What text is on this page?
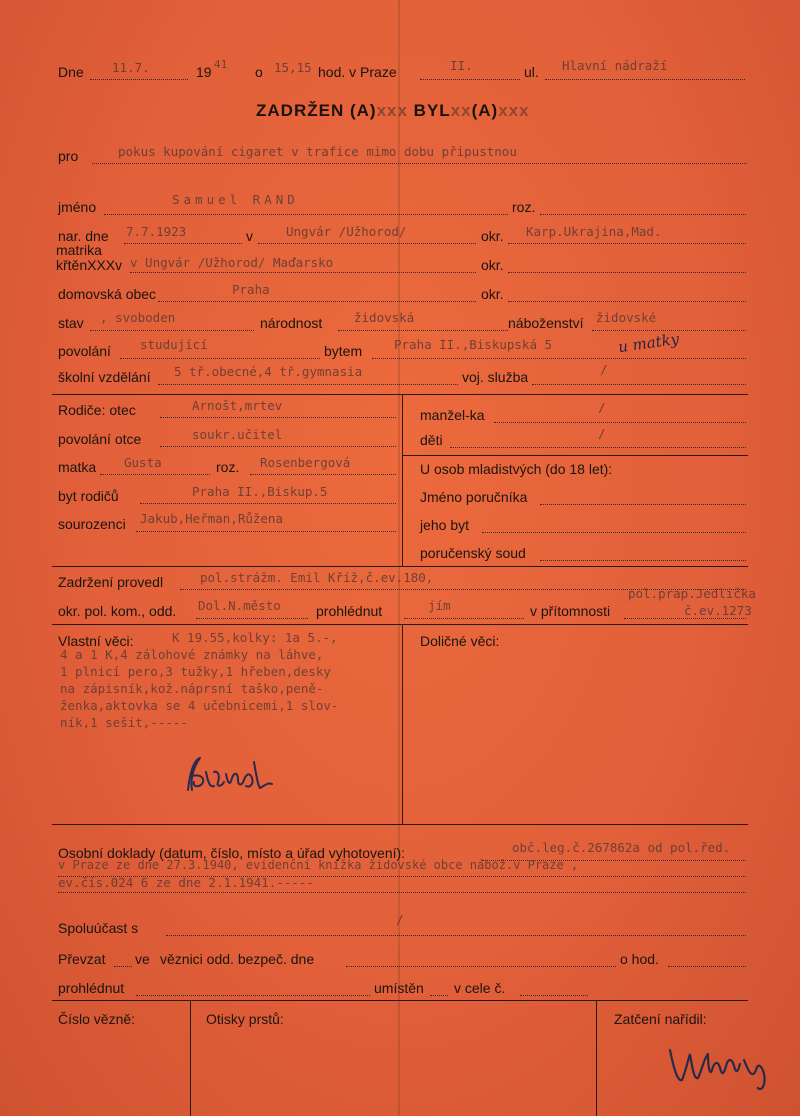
Dne 11.7.	19 41 o 15,15 hod. v Praze	II.	ul. Hlavní nádraží
ZADRŽEN (A)xxx BYLxx(A)xxx
pro	pokus kupování cigaret v trafice mimo dobu připustnou
jméno	Samuel RAND	roz.
nar. dne 7.7.1923	v	Ungvár /Užhorod/	okr. Karp.Ukrajina,Mad.
matrika
křtěnXXXv v Ungvár /Užhorod/ Maďarsko	okr.
domovská obec	Praha	okr.
stav , svoboden	národnost	židovská	náboženství židovské
povolání studující	bytem	Praha II.,Biskupská 5	u matky
školní vzdělání 5 tř.obecné,4 tř.gymnasia	voj. služba	/
Rodiče: otec	Arnošt,mrtev
povolání otce	soukr.učitel
matka Gusta	roz. Rosenbergová
byt rodičů	Praha II.,Biskup.5
sourozenci Jakub,Heřman,Růžena
manžel-ka	/
děti	/
U osob mladistvých (do 18 let):
Jméno poručníka
jeho byt
poručenský soud
Zadržení provedl	pol.strážm. Emil Kříž,č.ev.180,
okr. pol. kom., odd. Dol.N.město	prohlédnut	jím	v přítomnosti
pol.prap.Jedlička
č.ev.1273
Vlastní věci:	K 19.55,kolky: 1a 5.-,
4 a 1 K,4 zálohové známky na láhve,
1 plnicí pero,3 tužky,1 hřeben,desky
na zápisník,kož.náprsní taško,peně-
ženka,aktovka se 4 učebnicemi,1 slov-
ník,1 sešit,-----
S.Rand
Doličné věci:
Osobní doklady (datum, číslo, místo a úřad vyhotovení):	obč.leg.č.267862a od pol.řed.
v Praze ze dne 27.3.1940, evidenční knížka židovské obce nábož.v Praze ,
ev.čís.024 6 ze dne 2.1.1941.-----
Spoluúčast s
/
Převzat ve věznici odd. bezpeč. dne	o hod.
prohlédnut	umístěn v cele č.
Číslo vězně:	Otisky prstů:	Zatčení nařídil:
Wmay
